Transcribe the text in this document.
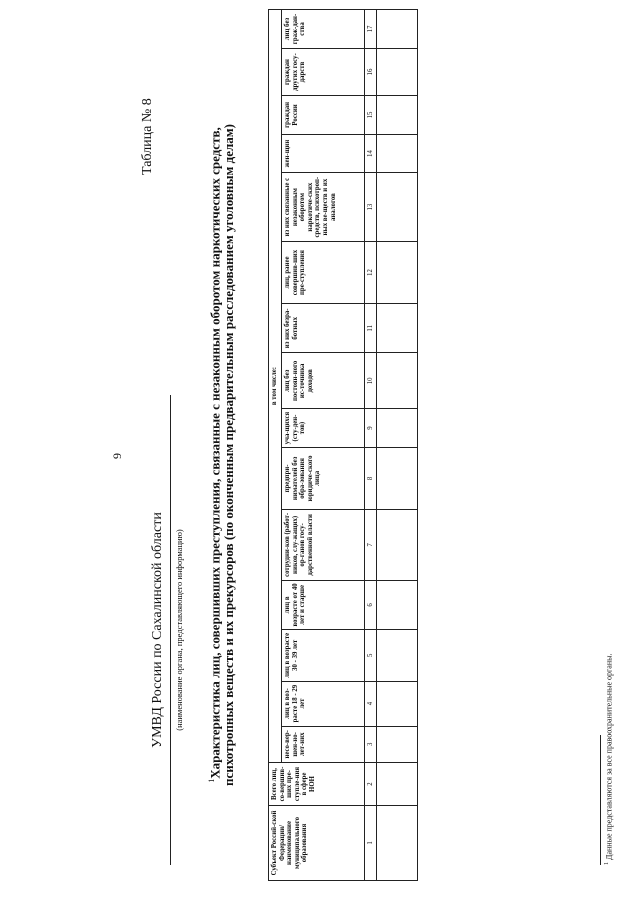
9
УМВД России по Сахалинской области (наименование органа, представляющего информацию)
Таблица № 8
$^1$Характеристика лиц, совершивших преступления, связанные с незаконным оборотом наркотических средств, психотропных веществ и их прекурсоров (по оконченным предварительным расследованием уголовным делам)
Субъект Россий-ской Федерации/ наименование муниципального образования	Всего лиц, со-вершив-ших пре-ступле-ния в сфере НОН	в том числе:														
		несо-вер-шен-но-лет-них	лиц в воз-расте 18 - 29 лет	лиц в возрасте 30 - 39 лет	лиц в возрасте от 40 лет и старше	сотрудни-ков (работ-ников, слу-жащих) ор-ганов госу-дарственной власти	предпри-нимателей без обра-зования юридиче-ского лица	уча-щихся (сту-ден-тов)	лиц без постоян-ного ис-точника доходов	из них безра-ботных	лиц, ранее совершив-ших пре-ступления	из них связанные с незаконным оборотом наркотиче-ских средств, психотроп-ных ве-ществ и их аналогов	жен-щин	граждан России	граждан других госу-дарств	лиц без граж-дан-ства
1	2	3	4	5	6	7	8	9	10	11	12	13	14	15	16	17

$^1$ Данные представляются за все правоохранительные органы.
